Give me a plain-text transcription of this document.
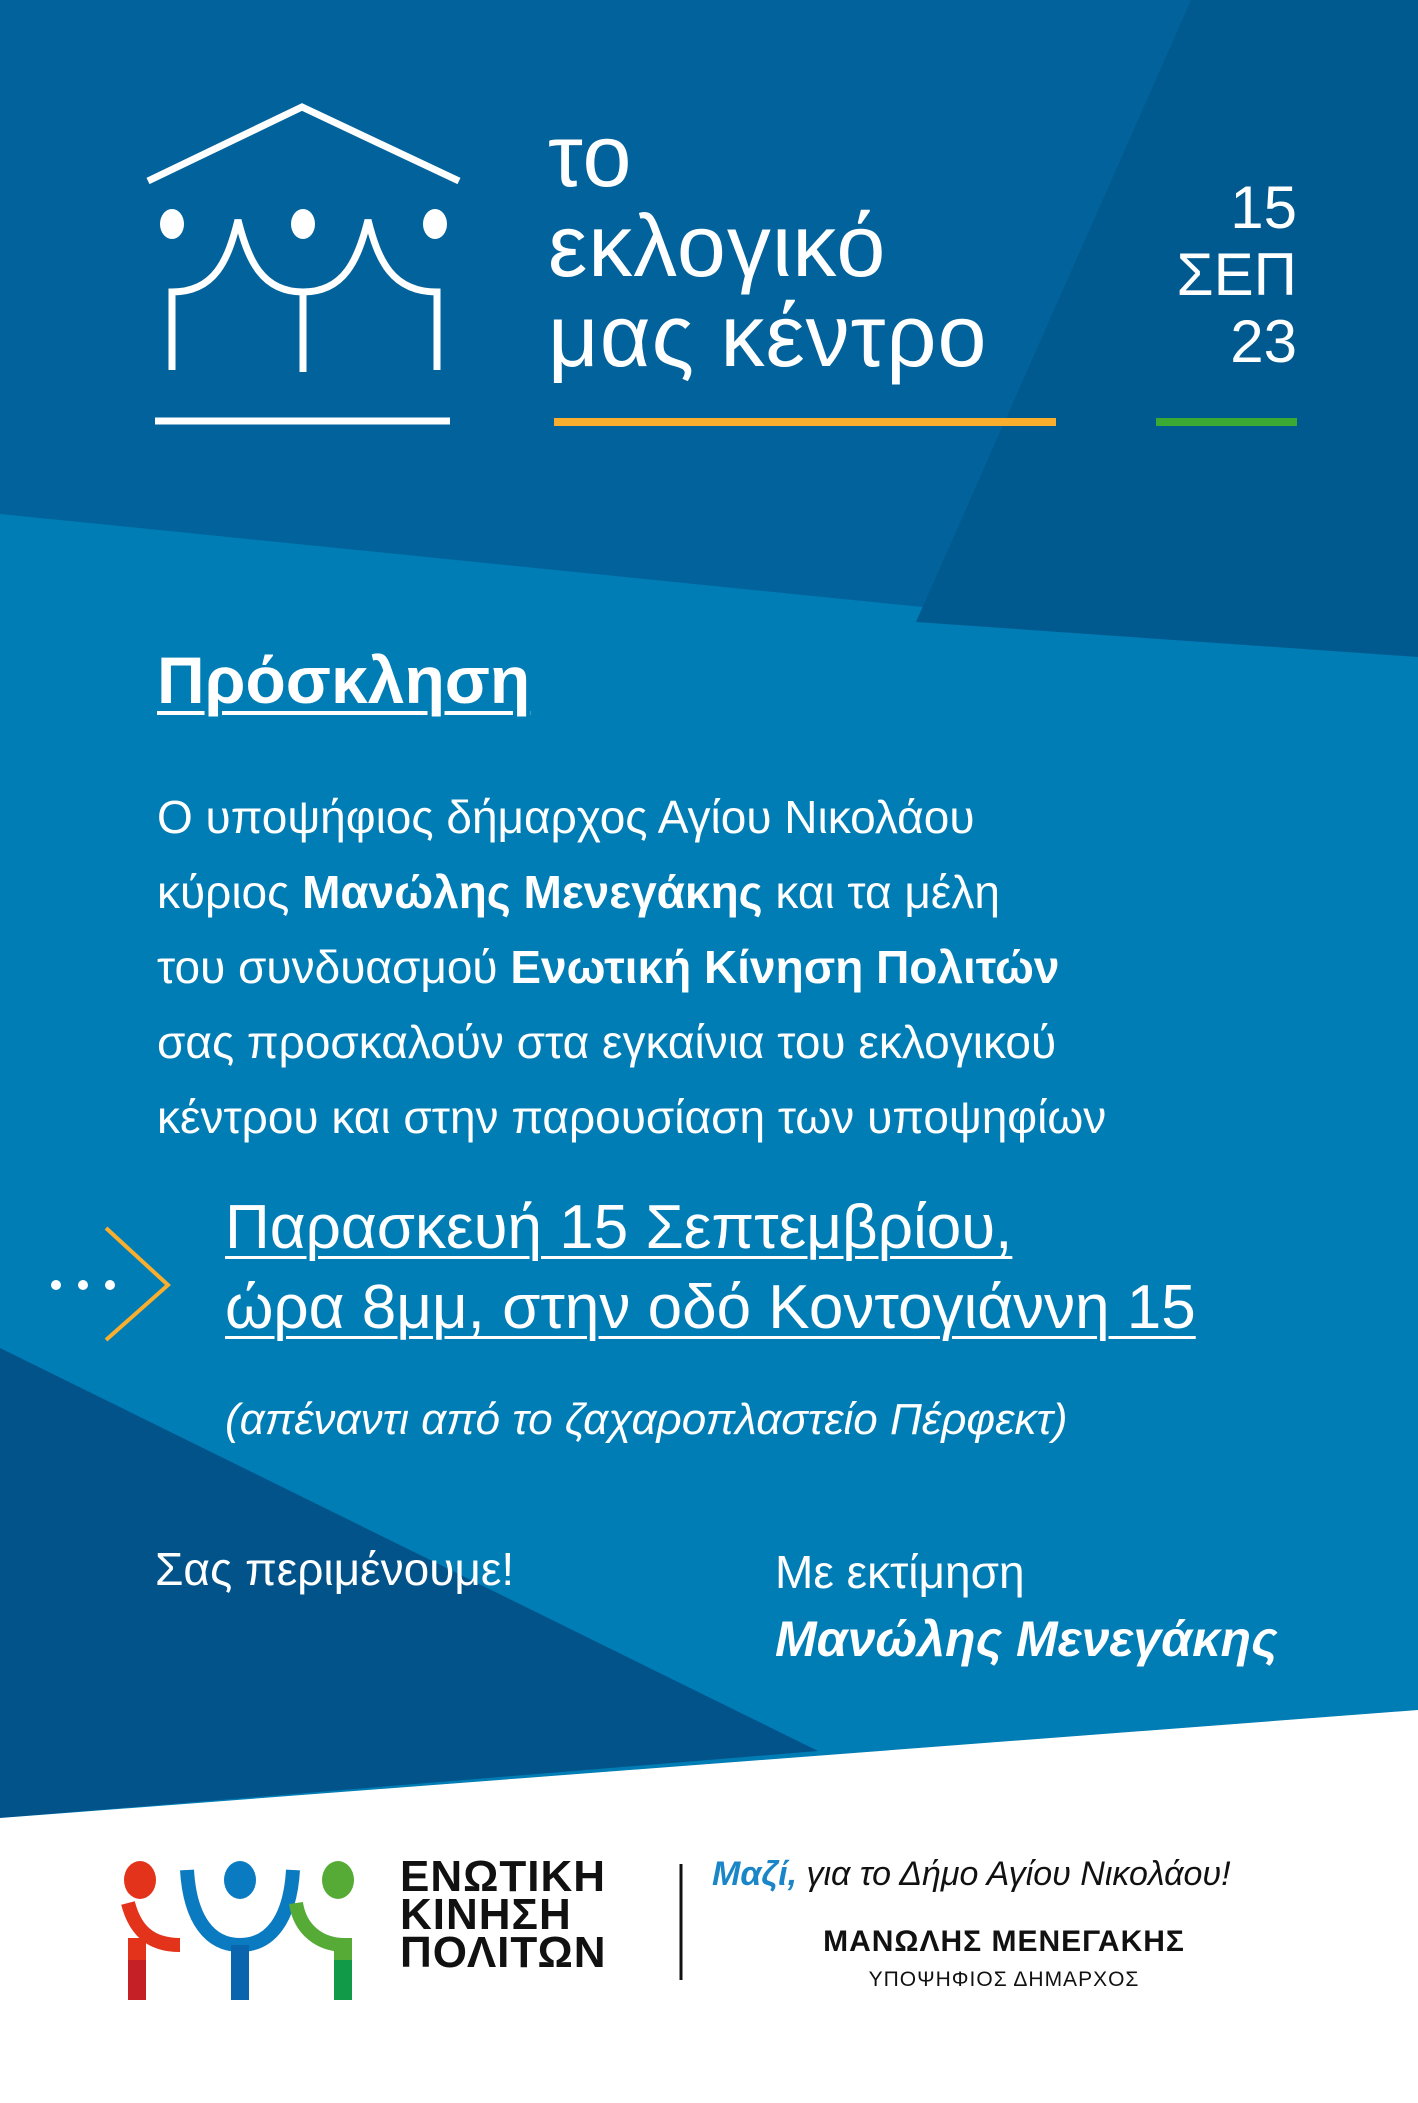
το
εκλογικό
μας κέντρο
15
ΣΕΠ
23
Πρόσκληση
Ο υποψήφιος δήμαρχος Αγίου Νικολάου
κύριος Μανώλης Μενεγάκης και τα μέλη
του συνδυασμού Ενωτική Κίνηση Πολιτών
σας προσκαλούν στα εγκαίνια του εκλογικού
κέντρου και στην παρουσίαση των υποψηφίων
Παρασκευή 15 Σεπτεμβρίου,
ώρα 8μμ, στην οδό Κοντογιάννη 15
(απέναντι από το ζαχαροπλαστείο Πέρφεκτ)
Σας περιμένουμε!	Με εκτίμηση
Μανώλης Μενεγάκης
ΕΝΩΤΙΚΗ
ΚΙΝΗΣΗ
ΠΟΛΙΤΩΝ
Μαζί, για το Δήμο Αγίου Νικολάου!
ΜΑΝΩΛΗΣ ΜΕΝΕΓΑΚΗΣ
ΥΠΟΨΗΦΙΟΣ ΔΗΜΑΡΧΟΣ
